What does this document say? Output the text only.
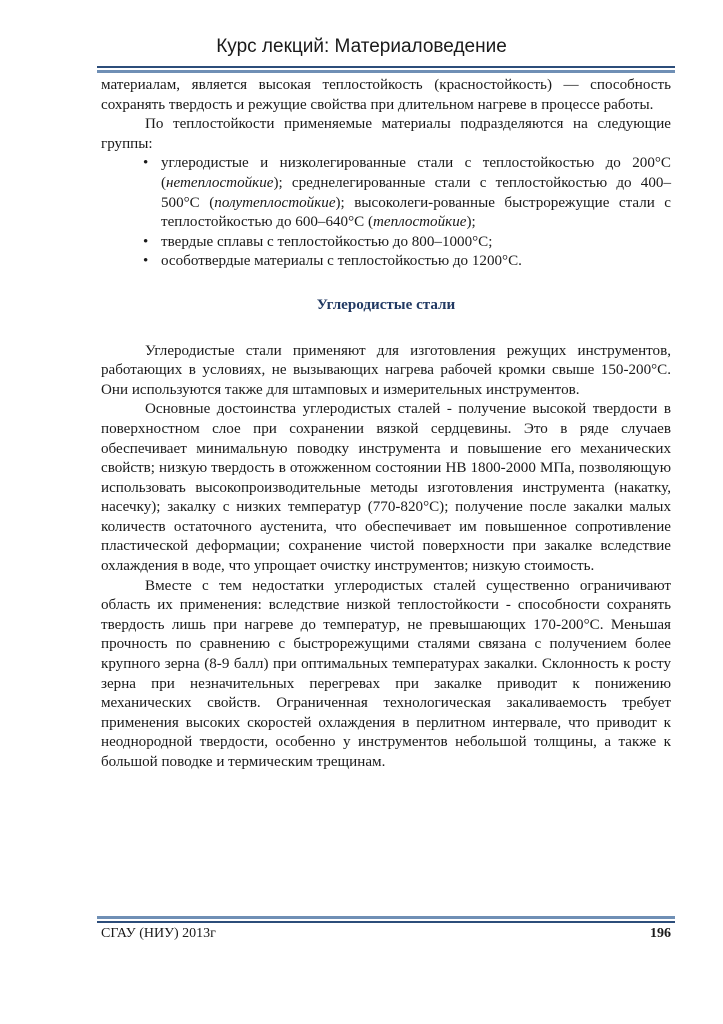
Курс лекций: Материаловедение

материалам, является высокая теплостойкость (красностойкость) — способность сохранять твердость и режущие свойства при длительном нагреве в процессе работы.

По теплостойкости применяемые материалы подразделяются на следующие группы:

• углеродистые и низколегированные стали с теплостойкостью до 200°С (нетеплостойкие); среднелегированные стали с теплостойкостью до 400–500°С (полутеплостойкие); высоколеги-рованные быстрорежущие стали с теплостойкостью до 600–640°С (теплостойкие);
• твердые сплавы с теплостойкостью до 800–1000°С;
• особотвердые материалы с теплостойкостью до 1200°С.

Углеродистые стали

Углеродистые стали применяют для изготовления режущих инструментов, работающих в условиях, не вызывающих нагрева рабочей кромки свыше 150-200°С. Они используются также для штамповых и измерительных инструментов.

Основные достоинства углеродистых сталей - получение высокой твердости в поверхностном слое при сохранении вязкой сердцевины. Это в ряде случаев обеспечивает минимальную поводку инструмента и повышение его механических свойств; низкую твердость в отожженном состоянии НВ 1800-2000 МПа, позволяющую использовать высокопроизводительные методы изготовления инструмента (накатку, насечку); закалку с низких температур (770-820°С); получение после закалки малых количеств остаточного аустенита, что обеспечивает им повышенное сопротивление пластической деформации; сохранение чистой поверхности при закалке вследствие охлаждения в воде, что упрощает очистку инструментов; низкую стоимость.

Вместе с тем недостатки углеродистых сталей существенно ограничивают область их применения: вследствие низкой теплостойкости - способности сохранять твердость лишь при нагреве до температур, не превышающих 170-200°С. Меньшая прочность по сравнению с быстрорежущими сталями связана с получением более крупного зерна (8-9 балл) при оптимальных температурах закалки. Склонность к росту зерна при незначительных перегревах при закалке приводит к понижению механических свойств. Ограниченная технологическая закаливаемость требует применения высоких скоростей охлаждения в перлитном интервале, что приводит к неоднородной твердости, особенно у инструментов небольшой толщины, а также к большой поводке и термическим трещинам.

СГАУ (НИУ) 2013г	196
